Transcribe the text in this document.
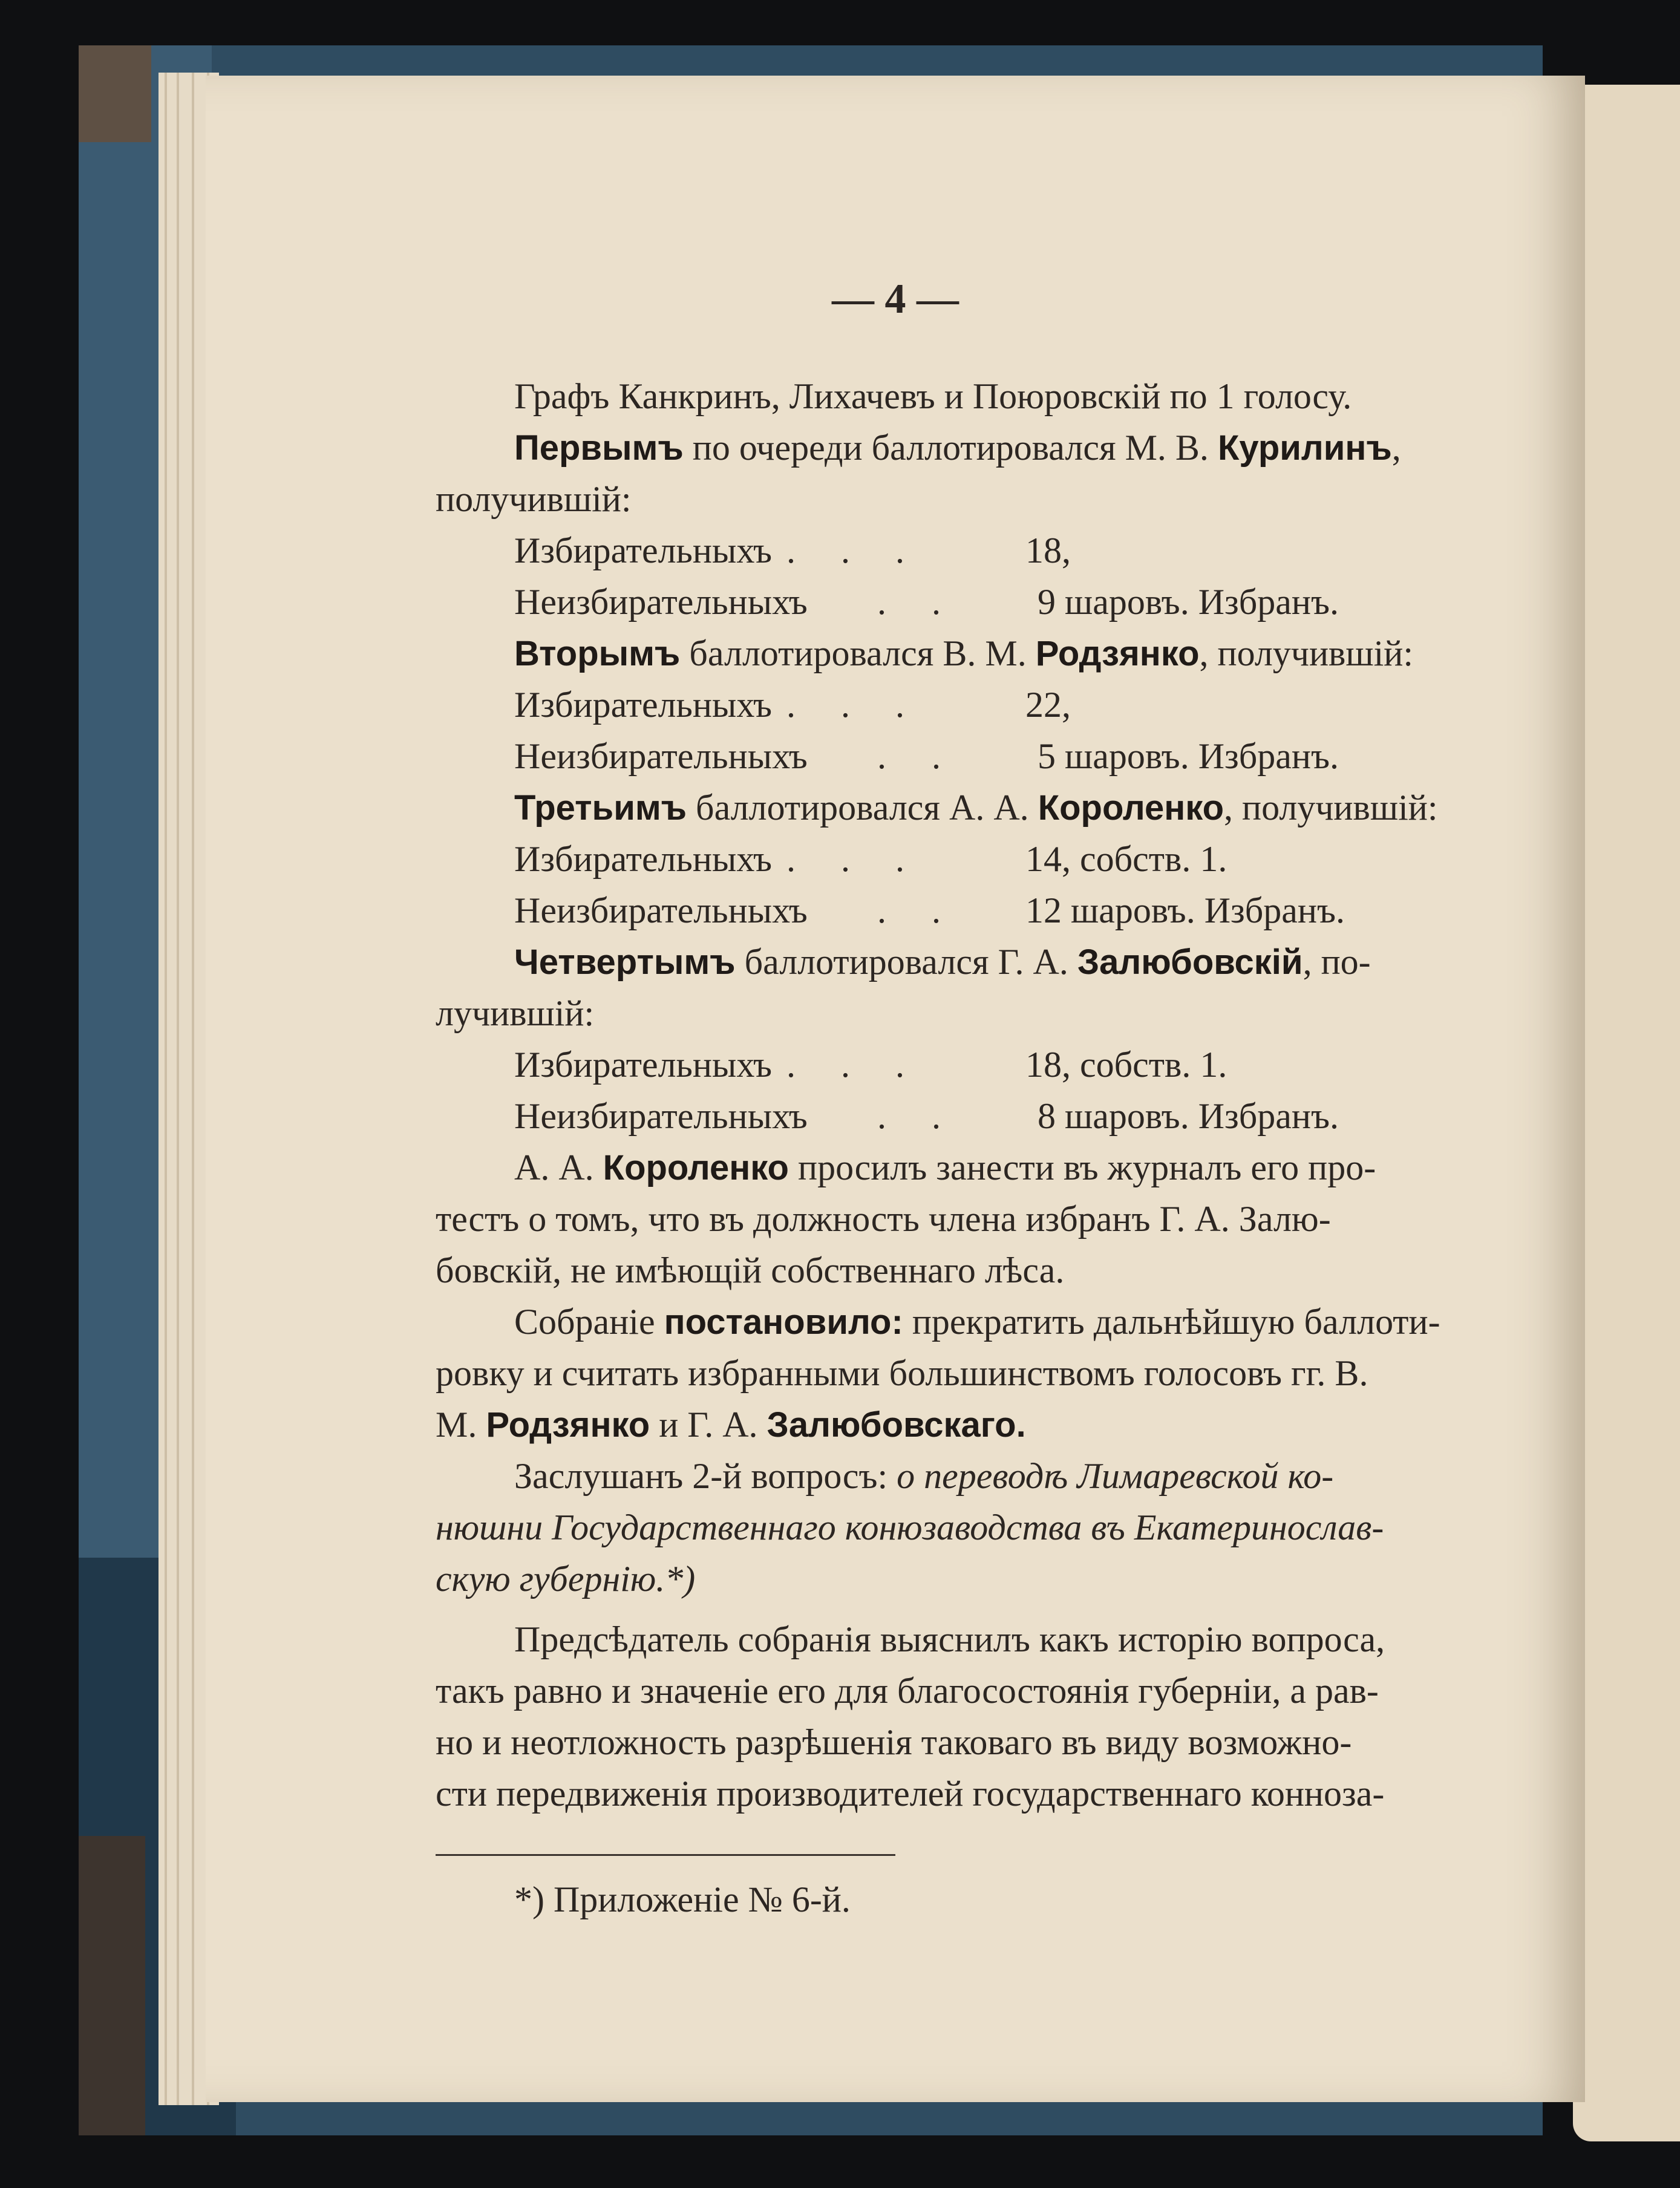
— 4 —
Графъ Канкринъ, Лихачевъ и Поюровскій по 1 голосу.
Первымъ по очереди баллотировался М. В. Курилинъ,
получившій:
Избирательныхъ .     .     .	18,
Неизбирательныхъ .     .	9 шаровъ. Избранъ.
Вторымъ баллотировался В. М. Родзянко, получившій:
Избирательныхъ .     .     .	22,
Неизбирательныхъ .     .	5 шаровъ. Избранъ.
Третьимъ баллотировался А. А. Короленко, получившій:
Избирательныхъ .     .     .	14, собств. 1.
Неизбирательныхъ .     . 12 шаровъ. Избранъ.
Четвертымъ баллотировался Г. А. Залюбовскій, по-
лучившій:
Избирательныхъ .     .     .	18, собств. 1.
Неизбирательныхъ .     .	8 шаровъ. Избранъ.
А. А. Короленко просилъ занести въ журналъ его про-
тестъ о томъ, что въ должность члена избранъ Г. А. Залю-
бовскій, не имѣющій собственнаго лѣса.
Собраніе постановило: прекратить дальнѣйшую баллоти-
ровку и считать избранными большинствомъ голосовъ гг. В.
М. Родзянко и Г. А. Залюбовскаго.
Заслушанъ 2-й вопросъ: о переводѣ Лимаревской ко-
нюшни Государственнаго конюзаводства въ Екатеринослав-
скую губернію.*)
Предсѣдатель собранія выяснилъ какъ исторію вопроса,
такъ равно и значеніе его для благосостоянія губерніи, а рав-
но и неотложность разрѣшенія таковаго въ виду возможно-
сти передвиженія производителей государственнаго конноза-
*) Приложеніе № 6-й.
